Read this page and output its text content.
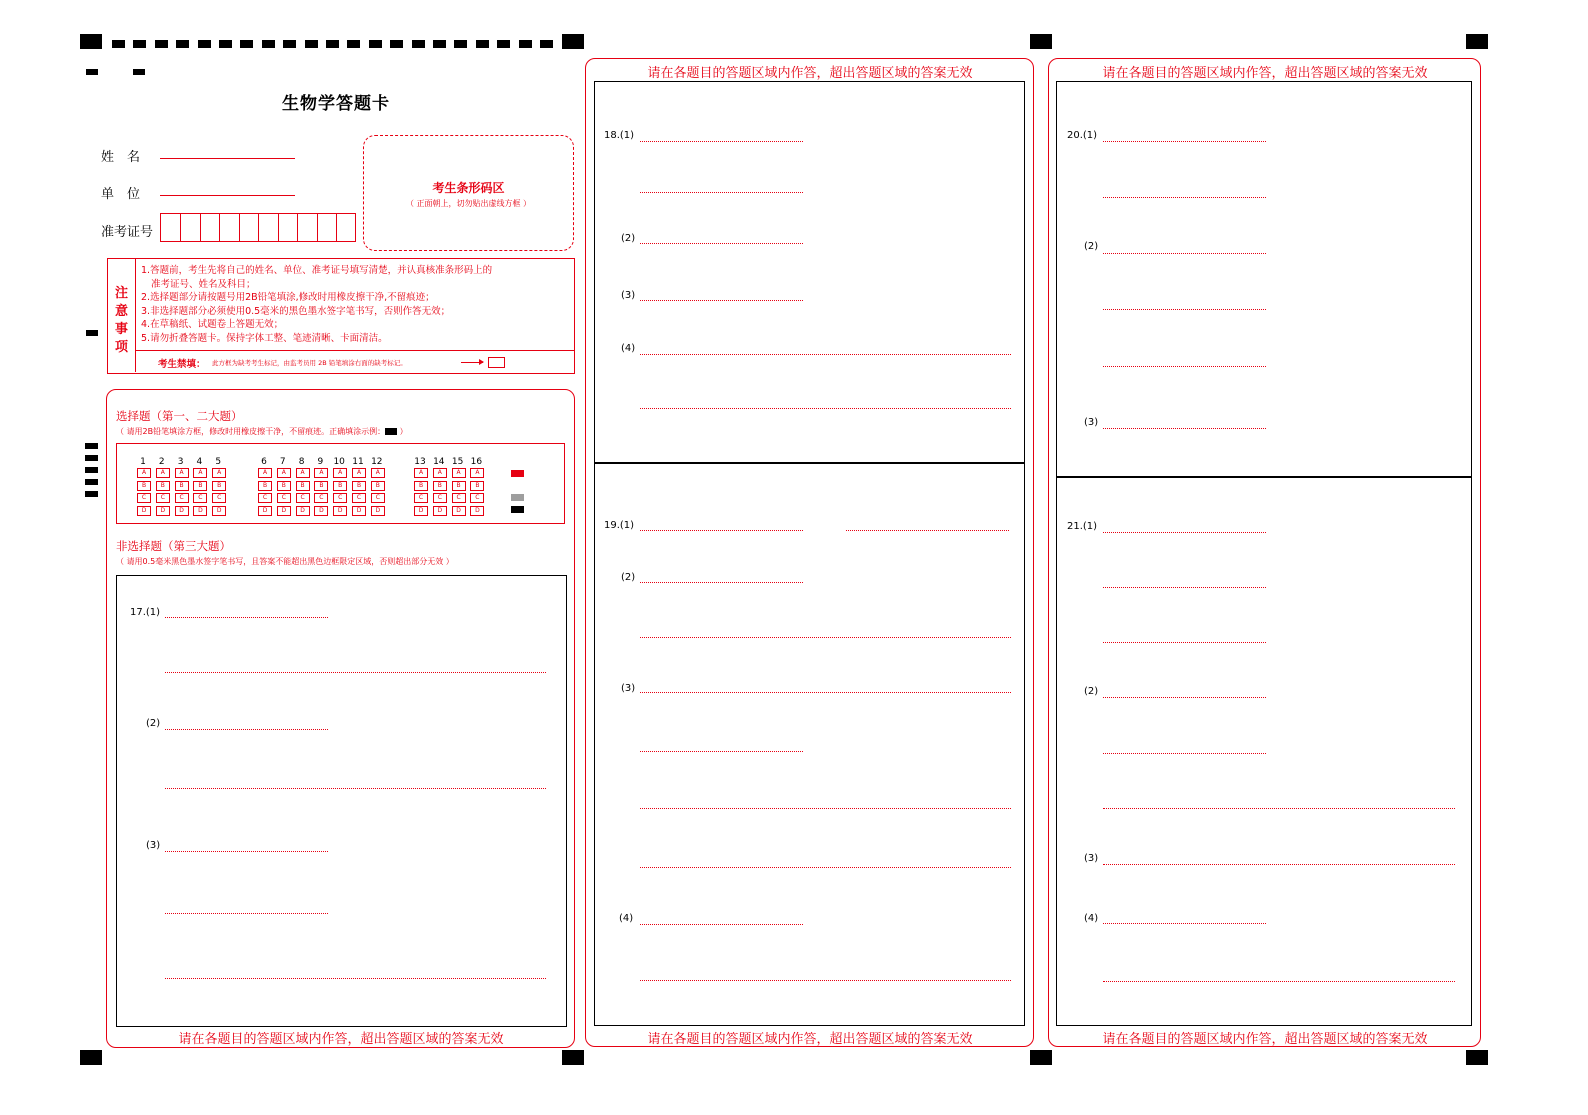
生物学答题卡
姓　名
单　位
准考证号
考生条形码区
（ 正面朝上，切勿贴出虚线方框 ）
注
意
事
项
1.答题前，考生先将自己的姓名、单位、准考证号填写清楚，并认真核准条形码上的
准考证号、姓名及科目；
2.选择题部分请按题号用2B铅笔填涂,修改时用橡皮擦干净,不留痕迹；
3.非选择题部分必须使用0.5毫米的黑色墨水签字笔书写，否则作答无效；
4.在草稿纸、试题卷上答题无效；
5.请勿折叠答题卡。保持字体工整、笔迹清晰、卡面清洁。
考生禁填： 此方框为缺考考生标记，由监考员用 2B 铅笔填涂右面的缺考标记。
选择题（第一、二大题）
（ 请用2B铅笔填涂方框，修改时用橡皮擦干净，不留痕迹。正确填涂示例： ）
1
A
B
C
D
2
A
B
C
D
3
A
B
C
D
4
A
B
C
D
5
A
B
C
D
6
A
B
C
D
7
A
B
C
D
8
A
B
C
D
9
A
B
C
D
10
A
B
C
D
11
A
B
C
D
12
A
B
C
D
13
A
B
C
D
14
A
B
C
D
15
A
B
C
D
16
A
B
C
D
非选择题（第三大题）
（ 请用0.5毫米黑色墨水签字笔书写，且答案不能超出黑色边框限定区域，否则超出部分无效 ）
17.(1)
(2)
(3)
请在各题目的答题区域内作答，超出答题区域的答案无效
请在各题目的答题区域内作答，超出答题区域的答案无效
请在各题目的答题区域内作答，超出答题区域的答案无效
18.(1)
(2)
(3)
(4)
19.(1)
(2)
(3)
(4)
请在各题目的答题区域内作答，超出答题区域的答案无效
请在各题目的答题区域内作答，超出答题区域的答案无效
20.(1)
(2)
(3)
21.(1)
(2)
(3)
(4)
